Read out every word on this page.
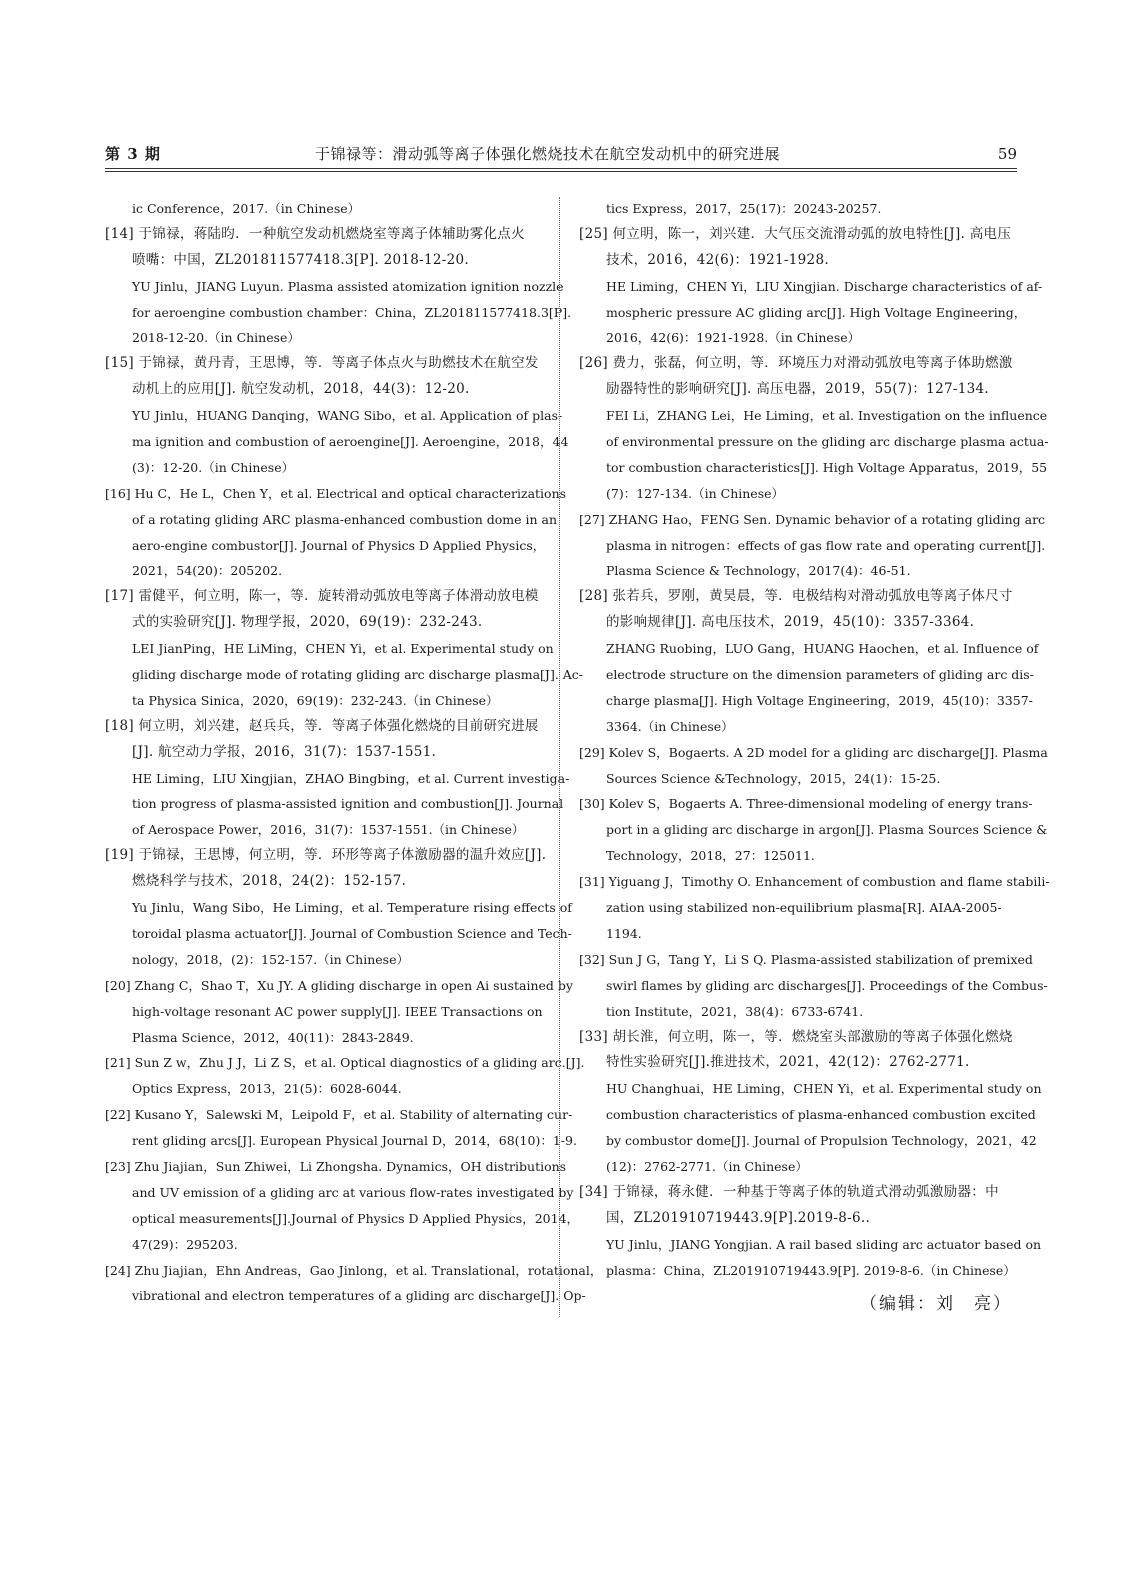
第 3 期	于锦禄等：滑动弧等离子体强化燃烧技术在航空发动机中的研究进展	59
ic Conference，2017.（in Chinese）
[14] 于锦禄，蒋陆昀．一种航空发动机燃烧室等离子体辅助雾化点火
喷嘴：中国，ZL201811577418.3[P]. 2018-12-20.
YU Jinlu，JIANG Luyun. Plasma assisted atomization ignition nozzle
for aeroengine combustion chamber：China，ZL201811577418.3[P].
2018-12-20.（in Chinese）
[15] 于锦禄，黄丹青，王思博，等．等离子体点火与助燃技术在航空发
动机上的应用[J]. 航空发动机，2018，44(3)：12-20.
YU Jinlu，HUANG Danqing，WANG Sibo，et al. Application of plas-
ma ignition and combustion of aeroengine[J]. Aeroengine，2018，44
(3)：12-20.（in Chinese）
[16] Hu C，He L，Chen Y，et al. Electrical and optical characterizations
of a rotating gliding ARC plasma-enhanced combustion dome in an
aero-engine combustor[J]. Journal of Physics D Applied Physics，
2021，54(20)：205202.
[17] 雷健平，何立明，陈一，等．旋转滑动弧放电等离子体滑动放电模
式的实验研究[J]. 物理学报，2020，69(19)：232-243.
LEI JianPing，HE LiMing，CHEN Yi，et al. Experimental study on
gliding discharge mode of rotating gliding arc discharge plasma[J]. Ac-
ta Physica Sinica，2020，69(19)：232-243.（in Chinese）
[18] 何立明，刘兴建，赵兵兵，等．等离子体强化燃烧的目前研究进展
[J]. 航空动力学报，2016，31(7)：1537-1551.
HE Liming，LIU Xingjian，ZHAO Bingbing，et al. Current investiga-
tion progress of plasma-assisted ignition and combustion[J]. Journal
of Aerospace Power，2016，31(7)：1537-1551.（in Chinese）
[19] 于锦禄，王思博，何立明，等．环形等离子体激励器的温升效应[J].
燃烧科学与技术，2018，24(2)：152-157.
Yu Jinlu，Wang Sibo，He Liming，et al. Temperature rising effects of
toroidal plasma actuator[J]. Journal of Combustion Science and Tech-
nology，2018，(2)：152-157.（in Chinese）
[20] Zhang C，Shao T，Xu JY. A gliding discharge in open Ai sustained by
high-voltage resonant AC power supply[J]. IEEE Transactions on
Plasma Science，2012，40(11)：2843-2849.
[21] Sun Z w，Zhu J J，Li Z S，et al. Optical diagnostics of a gliding arc.[J].
Optics Express，2013，21(5)：6028-6044.
[22] Kusano Y，Salewski M，Leipold F，et al. Stability of alternating cur-
rent gliding arcs[J]. European Physical Journal D，2014，68(10)：1-9.
[23] Zhu Jiajian，Sun Zhiwei，Li Zhongsha. Dynamics，OH distributions
and UV emission of a gliding arc at various flow-rates investigated by
optical measurements[J].Journal of Physics D Applied Physics，2014，
47(29)：295203.
[24] Zhu Jiajian，Ehn Andreas，Gao Jinlong，et al. Translational，rotational，
vibrational and electron temperatures of a gliding arc discharge[J]. Op-
tics Express，2017，25(17)：20243-20257.
[25] 何立明，陈一，刘兴建．大气压交流滑动弧的放电特性[J]. 高电压
技术，2016，42(6)：1921-1928.
HE Liming，CHEN Yi，LIU Xingjian. Discharge characteristics of af-
mospheric pressure AC gliding arc[J]. High Voltage Engineering，
2016，42(6)：1921-1928.（in Chinese）
[26] 费力，张磊，何立明，等．环境压力对滑动弧放电等离子体助燃激
励器特性的影响研究[J]. 高压电器，2019，55(7)：127-134.
FEI Li，ZHANG Lei，He Liming，et al. Investigation on the influence
of environmental pressure on the gliding arc discharge plasma actua-
tor combustion characteristics[J]. High Voltage Apparatus，2019，55
(7)：127-134.（in Chinese）
[27] ZHANG Hao，FENG Sen. Dynamic behavior of a rotating gliding arc
plasma in nitrogen：effects of gas flow rate and operating current[J].
Plasma Science & Technology，2017(4)：46-51.
[28] 张若兵，罗刚，黄昊晨，等．电极结构对滑动弧放电等离子体尺寸
的影响规律[J]. 高电压技术，2019，45(10)：3357-3364.
ZHANG Ruobing，LUO Gang，HUANG Haochen，et al. Influence of
electrode structure on the dimension parameters of gliding arc dis-
charge plasma[J]. High Voltage Engineering，2019，45(10)：3357-
3364.（in Chinese）
[29] Kolev S，Bogaerts. A 2D model for a gliding arc discharge[J]. Plasma
Sources Science &Technology，2015，24(1)：15-25.
[30] Kolev S，Bogaerts A. Three-dimensional modeling of energy trans-
port in a gliding arc discharge in argon[J]. Plasma Sources Science &
Technology，2018，27：125011.
[31] Yiguang J，Timothy O. Enhancement of combustion and flame stabili-
zation using stabilized non-equilibrium plasma[R]. AIAA-2005-
1194.
[32] Sun J G，Tang Y，Li S Q. Plasma-assisted stabilization of premixed
swirl flames by gliding arc discharges[J]. Proceedings of the Combus-
tion Institute，2021，38(4)：6733-6741.
[33] 胡长淮，何立明，陈一，等．燃烧室头部激励的等离子体强化燃烧
特性实验研究[J].推进技术，2021，42(12)：2762-2771.
HU Changhuai，HE Liming，CHEN Yi，et al. Experimental study on
combustion characteristics of plasma-enhanced combustion excited
by combustor dome[J]. Journal of Propulsion Technology，2021，42
(12)：2762-2771.（in Chinese）
[34] 于锦禄，蒋永健．一种基于等离子体的轨道式滑动弧激励器：中
国，ZL201910719443.9[P].2019-8-6..
YU Jinlu，JIANG Yongjian. A rail based sliding arc actuator based on
plasma：China，ZL201910719443.9[P]. 2019-8-6.（in Chinese）
（编辑：刘　亮）
